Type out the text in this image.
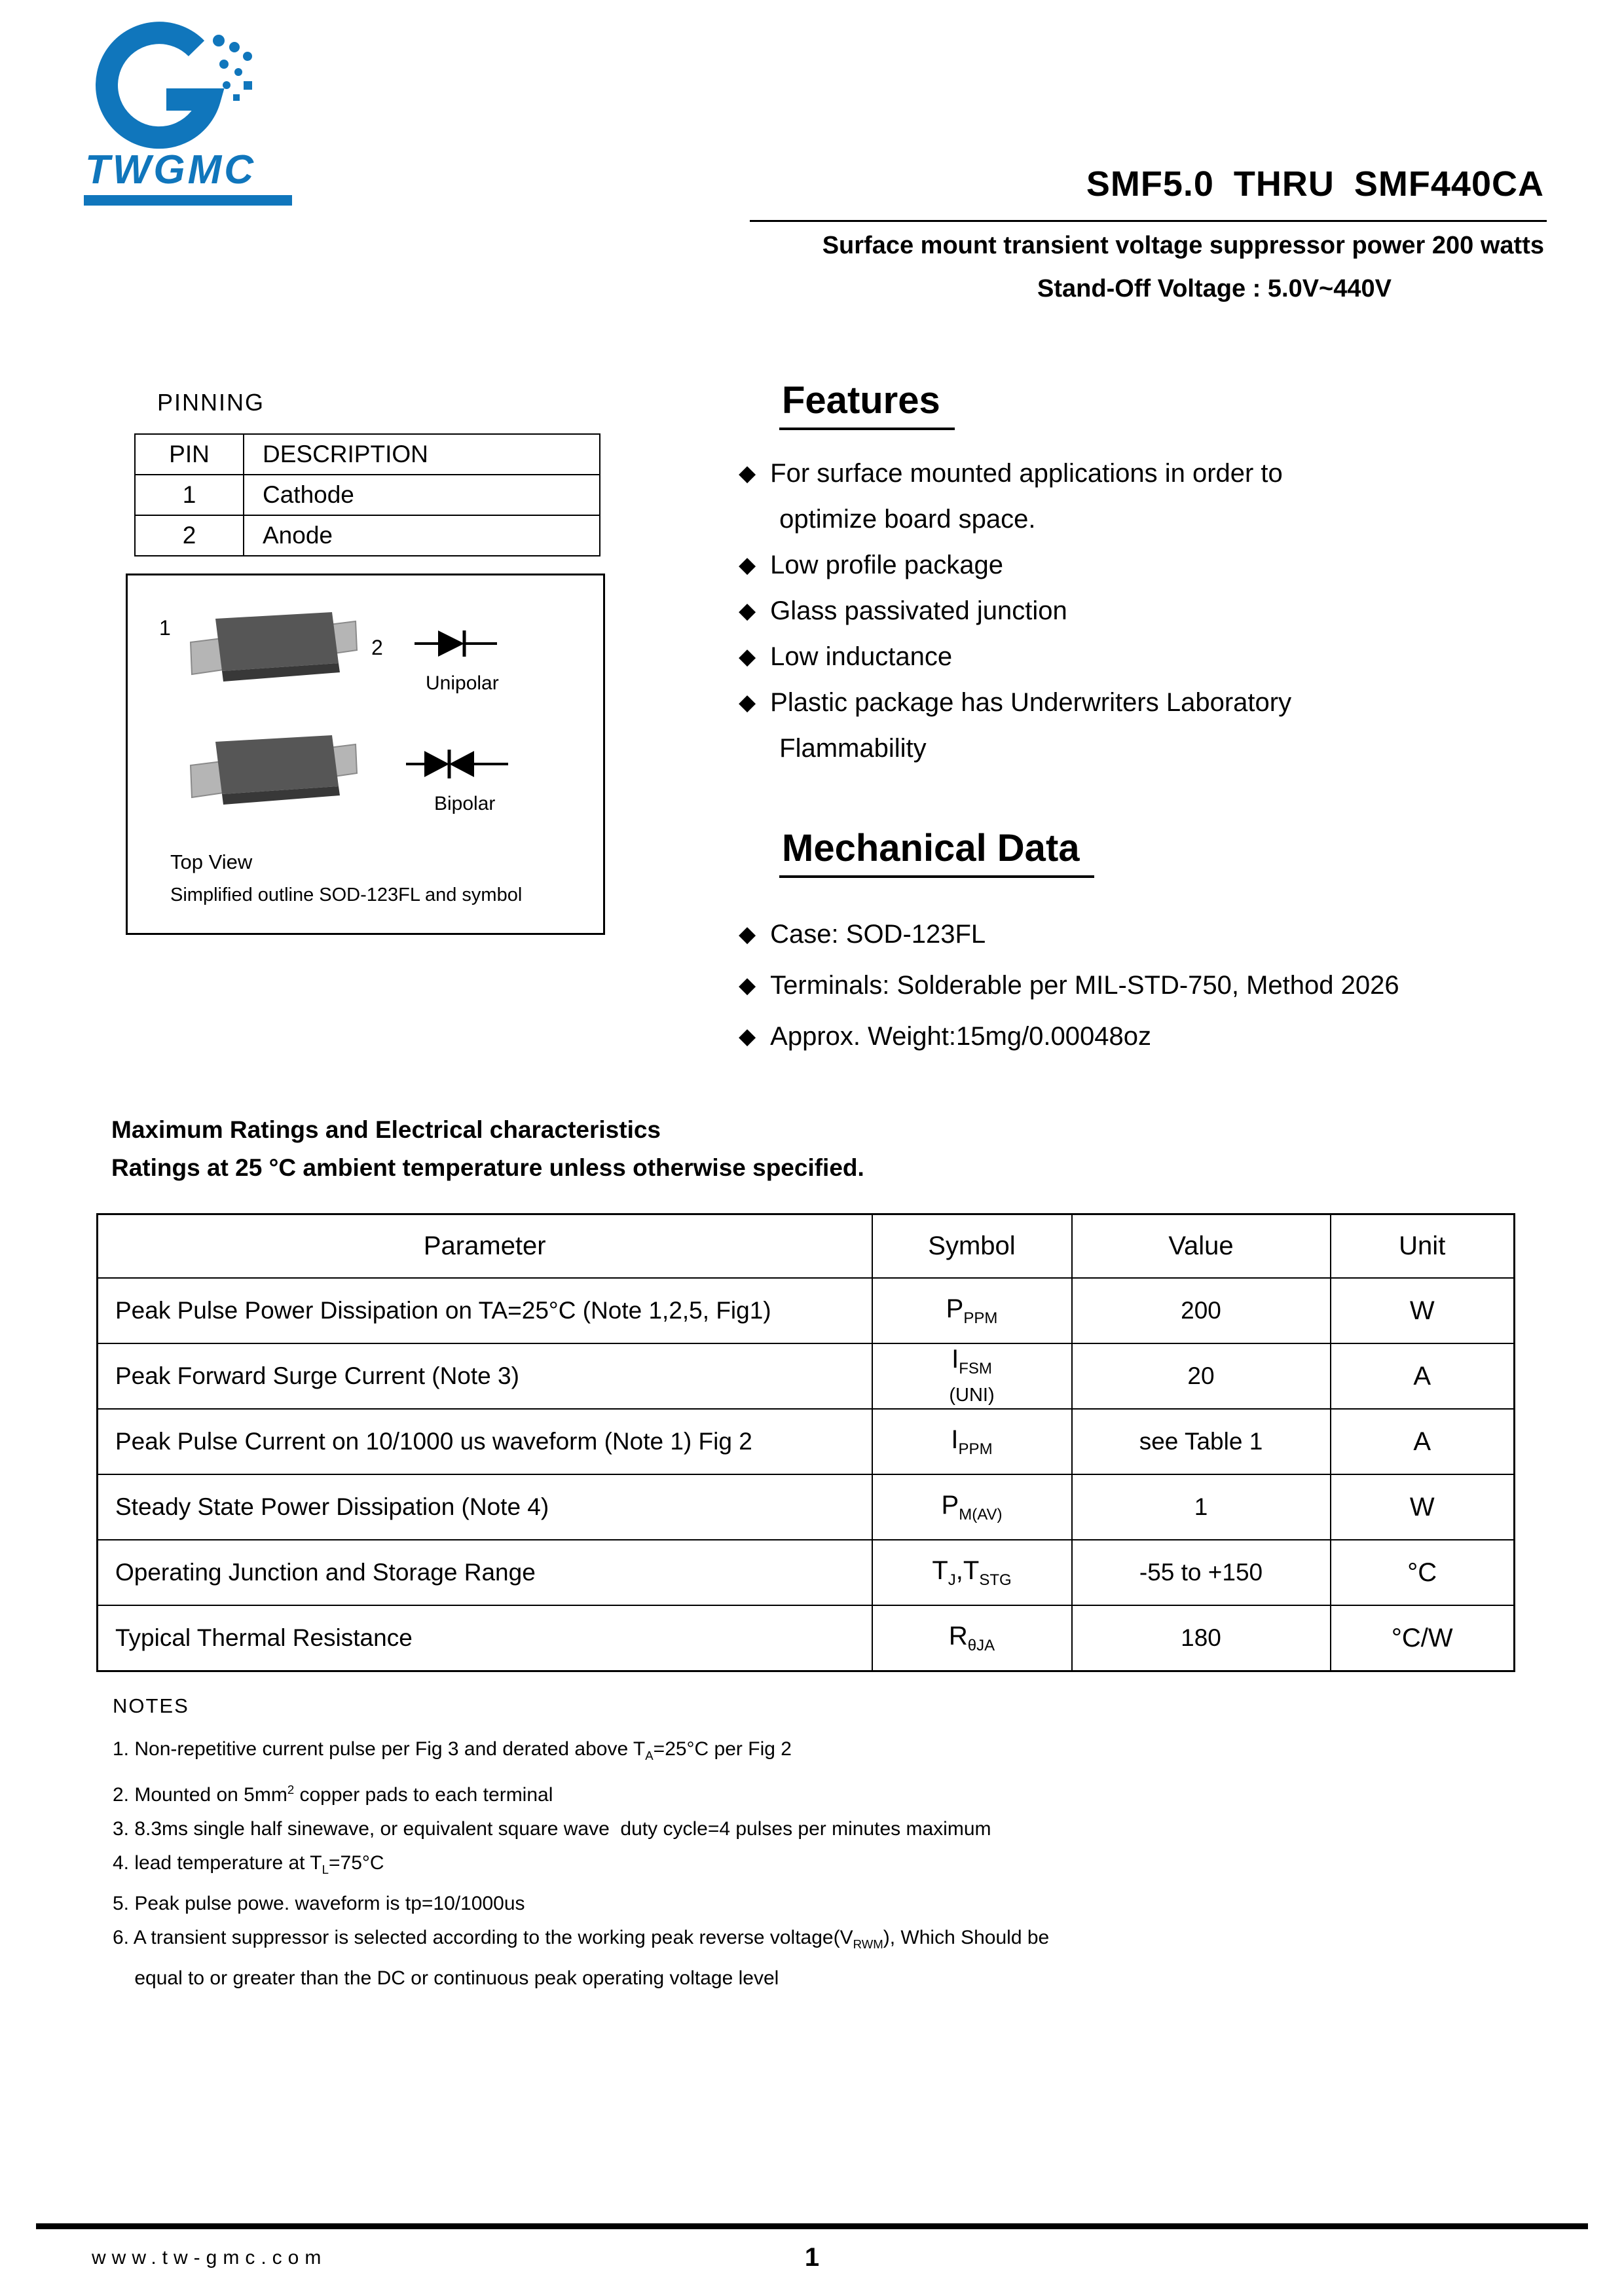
TWGMC	SMF5.0 THRU SMF440CA
Surface mount transient voltage suppressor power 200 watts
Stand-Off Voltage : 5.0V~440V
PINNING
PIN	DESCRIPTION
1	Cathode
2	Anode
1
2
Unipolar
Bipolar
Top View
Simplified outline SOD-123FL and symbol
Features
◆ For surface mounted applications in order to
optimize board space.
◆ Low profile package
◆ Glass passivated junction
◆ Low inductance
◆ Plastic package has Underwriters Laboratory
Flammability
Mechanical Data
◆ Case: SOD-123FL
◆ Terminals: Solderable per MIL-STD-750, Method 2026
◆ Approx. Weight:15mg/0.00048oz
Maximum Ratings and Electrical characteristics
Ratings at 25 °C ambient temperature unless otherwise specified.
Parameter	Symbol	Value	Unit
Peak Pulse Power Dissipation on TA=25°C (Note 1,2,5, Fig1)	$P_{PPM}$	200	W
Peak Forward Surge Current (Note 3)	$I_{FSM}$
(UNI)	20	A
Peak Pulse Current on 10/1000 us waveform (Note 1) Fig 2	$I_{PPM}$	see Table 1	A
Steady State Power Dissipation (Note 4)	$P_{M(AV)}$	1	W
Operating Junction and Storage Range	$T_J,T_{STG}$	-55 to +150	°C
Typical Thermal Resistance	$R_{\theta JA}$	180	°C/W
NOTES
1. Non-repetitive current pulse per Fig 3 and derated above $T_A=25^\circ C$ per Fig 2
2. Mounted on $5mm^2$ copper pads to each terminal
3. 8.3ms single half sinewave, or equivalent square wave  duty cycle=4 pulses per minutes maximum
4. lead temperature at $T_L=75^\circ C$
5. Peak pulse powe. waveform is tp=10/1000us
6. A transient suppressor is selected according to the working peak reverse $voltage(V_{RWM})$, Which Should be
equal to or greater than the DC or continuous peak operating voltage level
www.tw-gmc.com	1
